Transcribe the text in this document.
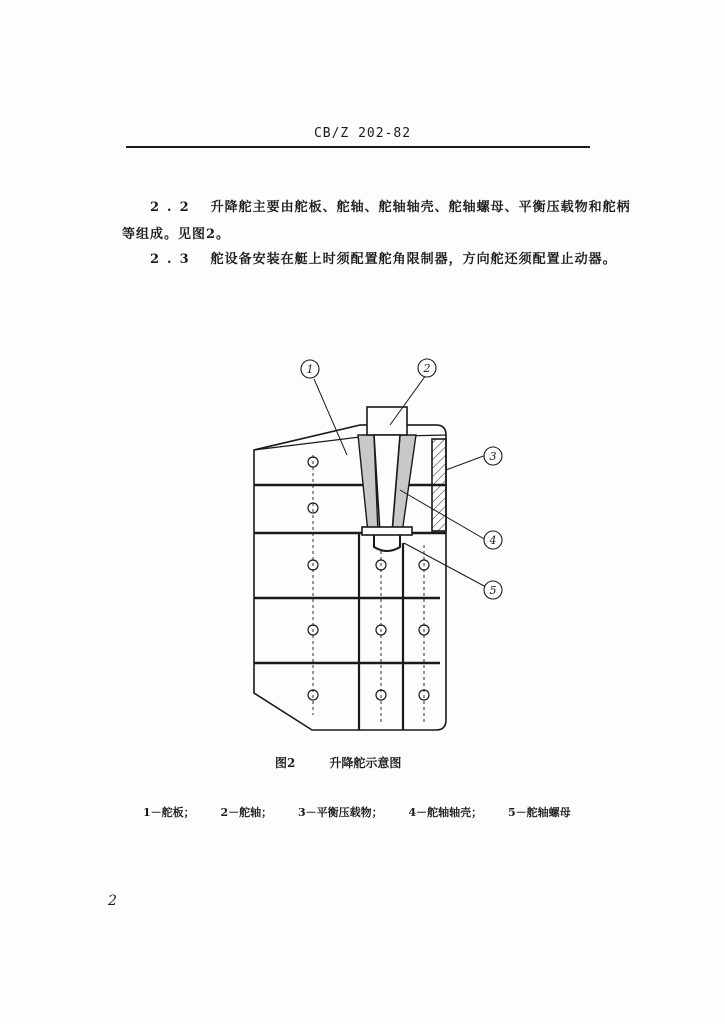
CB/Z 202-82
2.2 升降舵主要由舵板、舵轴、舵轴轴壳、舵轴螺母、平衡压载物和舵柄
等组成。见图2。
2.3 舵设备安装在艇上时须配置舵角限制器，方向舵还须配置止动器。
1	2
3
4
5
图2	升降舵示意图
1－舵板； 2－舵轴； 3－平衡压载物； 4－舵轴轴壳； 5－舵轴螺母
2
